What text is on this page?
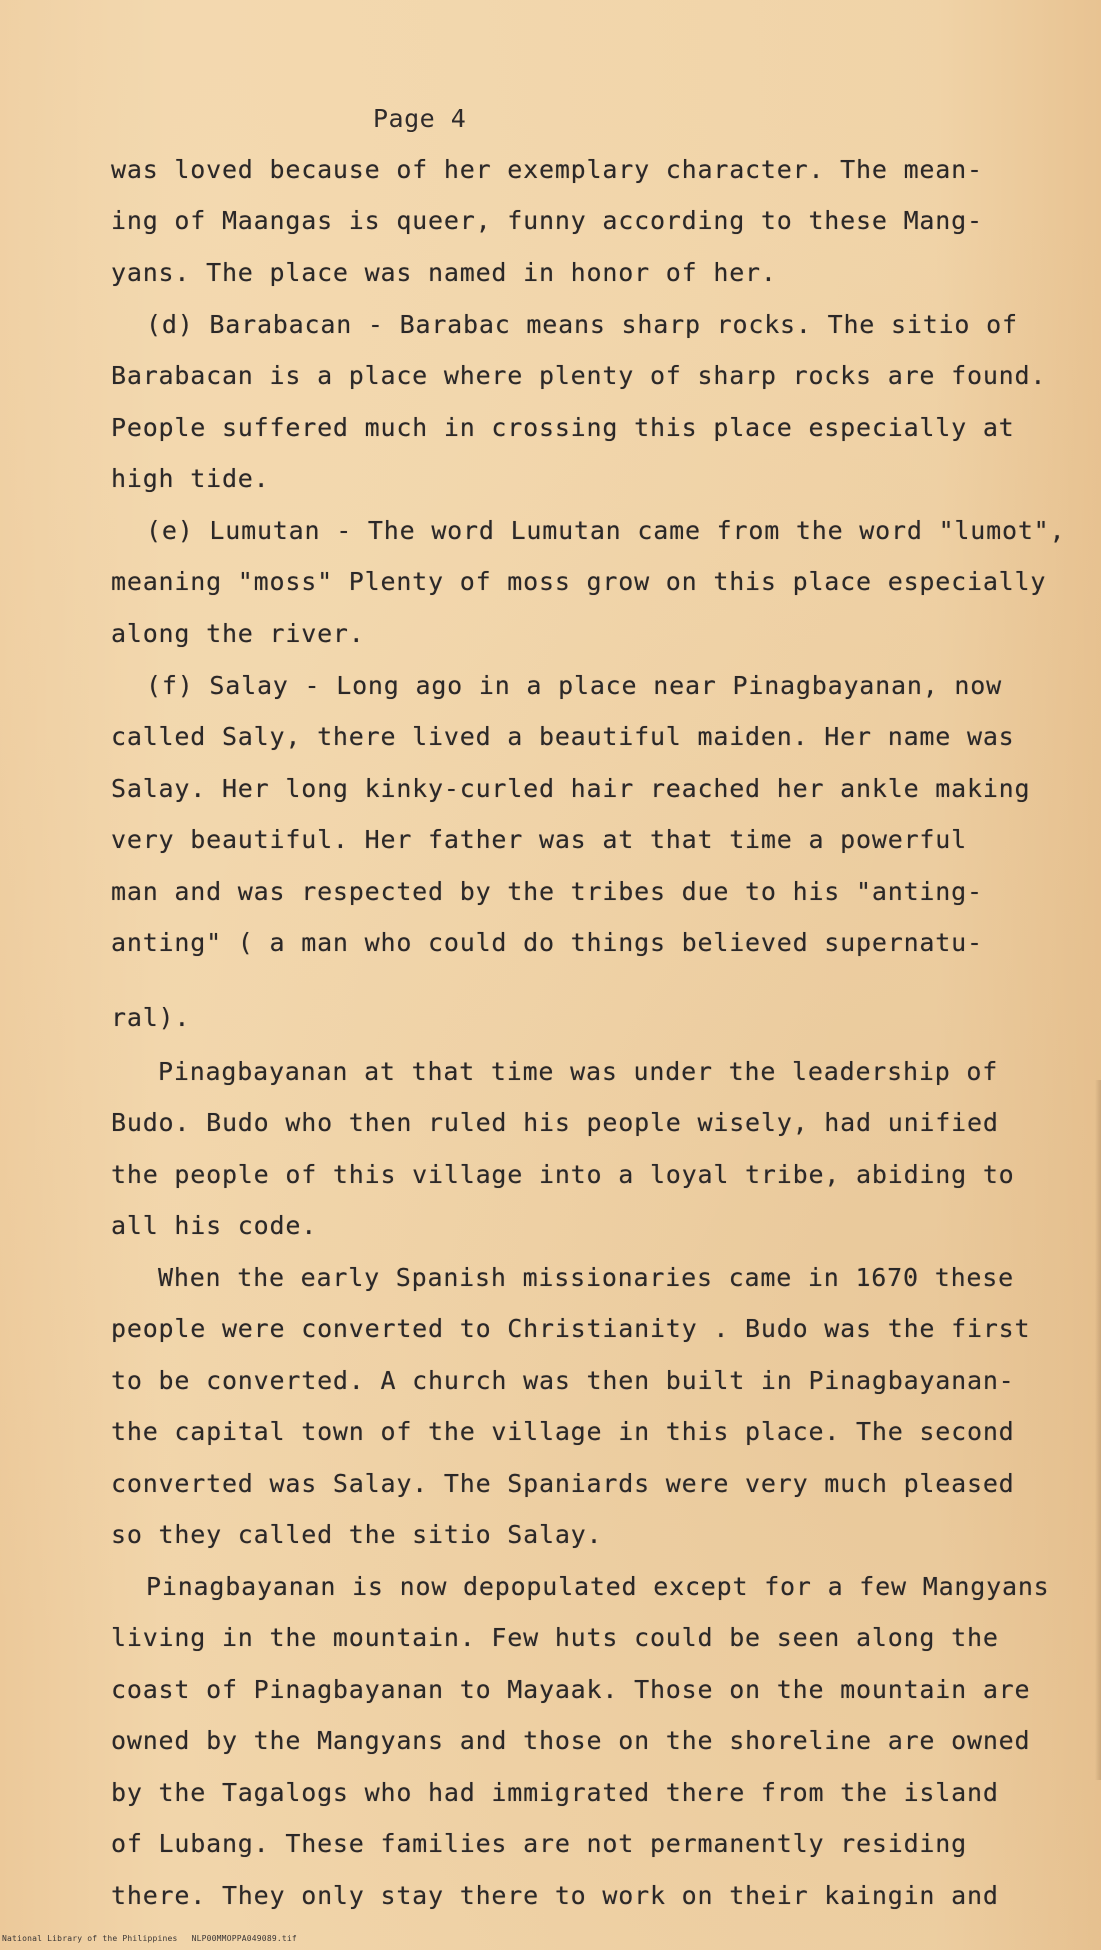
Page 4
was loved because of her exemplary character. The mean-
ing of Maangas is queer, funny according to these Mang-
yans. The place was named in honor of her.
(d) Barabacan - Barabac means sharp rocks. The sitio of
Barabacan is a place where plenty of sharp rocks are found.
People suffered much in crossing this place especially at
high tide.
(e) Lumutan - The word Lumutan came from the word "lumot",
meaning "moss" Plenty of moss grow on this place especially
along the river.
(f) Salay - Long ago in a place near Pinagbayanan, now
called Saly, there lived a beautiful maiden. Her name was
Salay. Her long kinky-curled hair reached her ankle making
very beautiful. Her father was at that time a powerful
man and was respected by the tribes due to his "anting-
anting" ( a man who could do things believed supernatu-
ral).
Pinagbayanan at that time was under the leadership of
Budo. Budo who then ruled his people wisely, had unified
the people of this village into a loyal tribe, abiding to
all his code.
When the early Spanish missionaries came in 1670 these
people were converted to Christianity . Budo was the first
to be converted. A church was then built in Pinagbayanan-
the capital town of the village in this place. The second
converted was Salay. The Spaniards were very much pleased
so they called the sitio Salay.
Pinagbayanan is now depopulated except for a few Mangyans
living in the mountain. Few huts could be seen along the
coast of Pinagbayanan to Mayaak. Those on the mountain are
owned by the Mangyans and those on the shoreline are owned
by the Tagalogs who had immigrated there from the island
of Lubang. These families are not permanently residing
there. They only stay there to work on their kaingin and
National Library of the Philippines NLP00MMOPPA049089.tif
